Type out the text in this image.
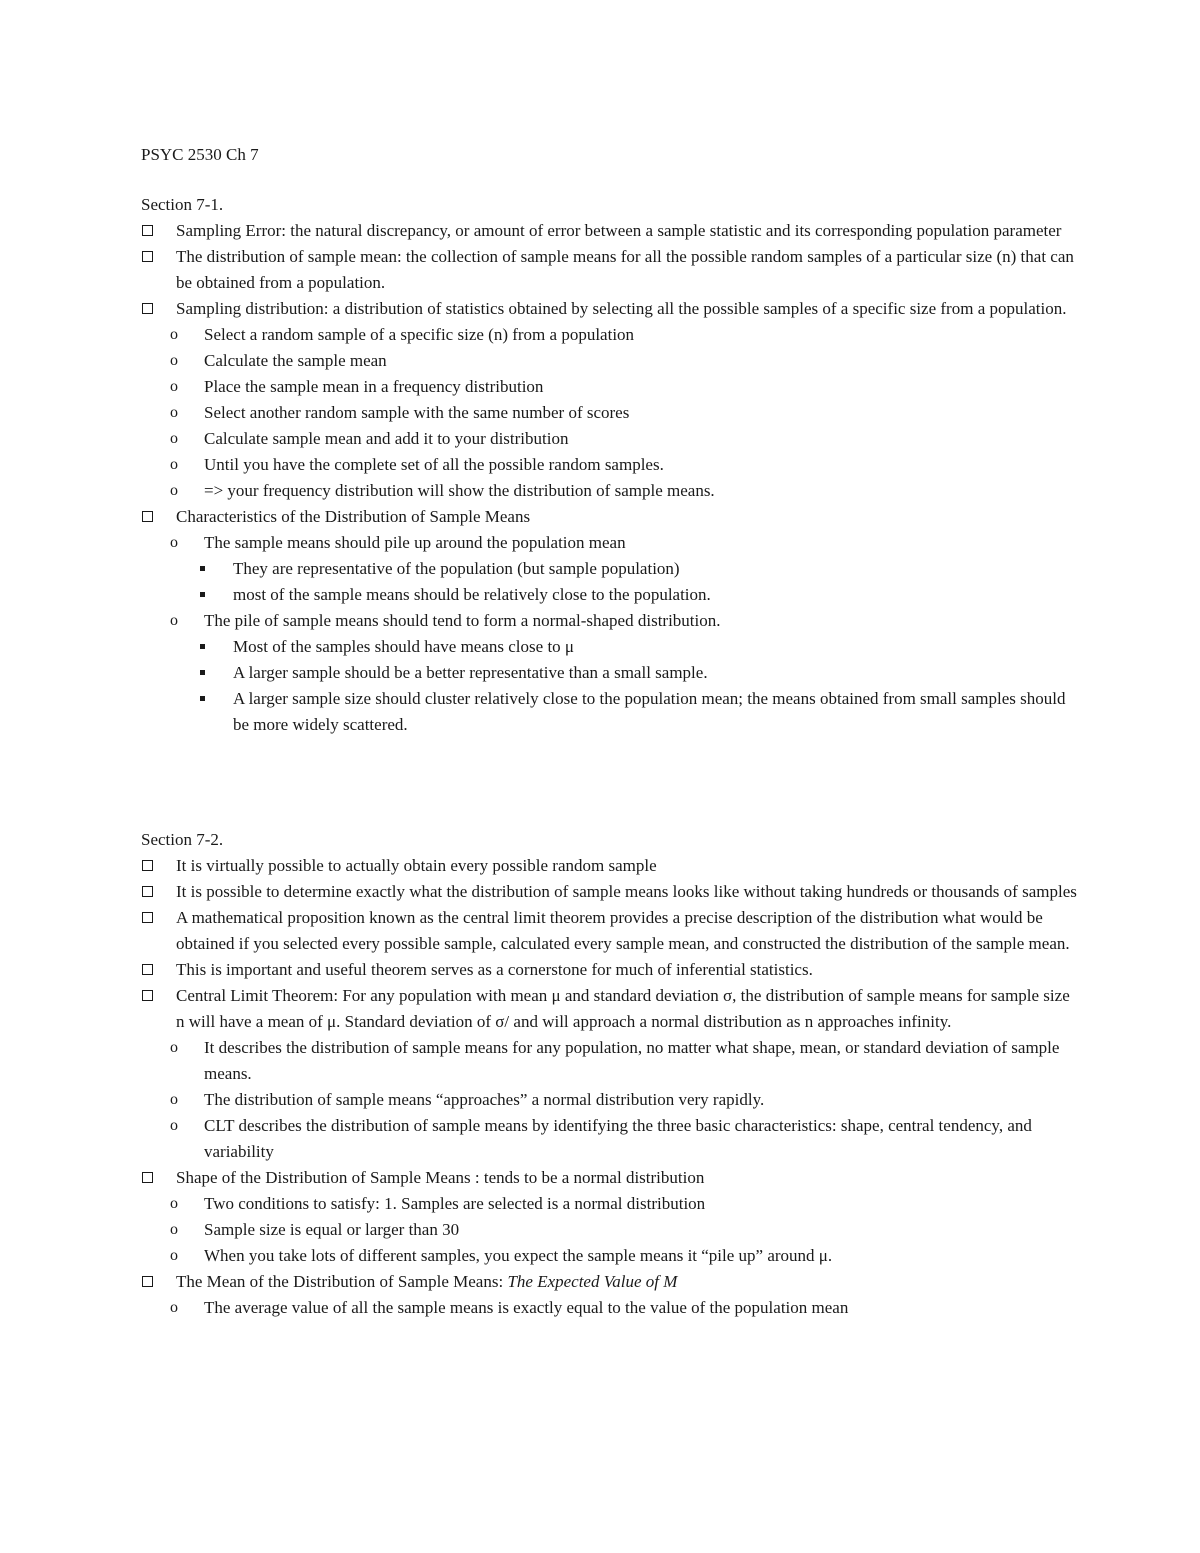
PSYC 2530 Ch 7
Section 7-1.
Sampling Error: the natural discrepancy, or amount of error between a sample statistic and its corresponding population parameter
The distribution of sample mean: the collection of sample means for all the possible random samples of a particular size (n) that can be obtained from a population.
Sampling distribution: a distribution of statistics obtained by selecting all the possible samples of a specific size from a population.
o Select a random sample of a specific size (n) from a population
o Calculate the sample mean
o Place the sample mean in a frequency distribution
o Select another random sample with the same number of scores
o Calculate sample mean and add it to your distribution
o Until you have the complete set of all the possible random samples.
o => your frequency distribution will show the distribution of sample means.
Characteristics of the Distribution of Sample Means
o The sample means should pile up around the population mean
They are representative of the population (but sample population)
most of the sample means should be relatively close to the population.
o The pile of sample means should tend to form a normal-shaped distribution.
Most of the samples should have means close to μ
A larger sample should be a better representative than a small sample.
A larger sample size should cluster relatively close to the population mean; the means obtained from small samples should be more widely scattered.
Section 7-2.
It is virtually possible to actually obtain every possible random sample
It is possible to determine exactly what the distribution of sample means looks like without taking hundreds or thousands of samples
A mathematical proposition known as the central limit theorem provides a precise description of the distribution what would be obtained if you selected every possible sample, calculated every sample mean, and constructed the distribution of the sample mean.
This is important and useful theorem serves as a cornerstone for much of inferential statistics.
Central Limit Theorem: For any population with mean μ and standard deviation σ, the distribution of sample means for sample size n will have a mean of μ. Standard deviation of σ/ and will approach a normal distribution as n approaches infinity.
o It describes the distribution of sample means for any population, no matter what shape, mean, or standard deviation of sample means.
o The distribution of sample means “approaches” a normal distribution very rapidly.
o CLT describes the distribution of sample means by identifying the three basic characteristics: shape, central tendency, and variability
Shape of the Distribution of Sample Means : tends to be a normal distribution
o Two conditions to satisfy: 1. Samples are selected is a normal distribution
o Sample size is equal or larger than 30
o When you take lots of different samples, you expect the sample means it “pile up” around μ.
The Mean of the Distribution of Sample Means: The Expected Value of M
o The average value of all the sample means is exactly equal to the value of the population mean
